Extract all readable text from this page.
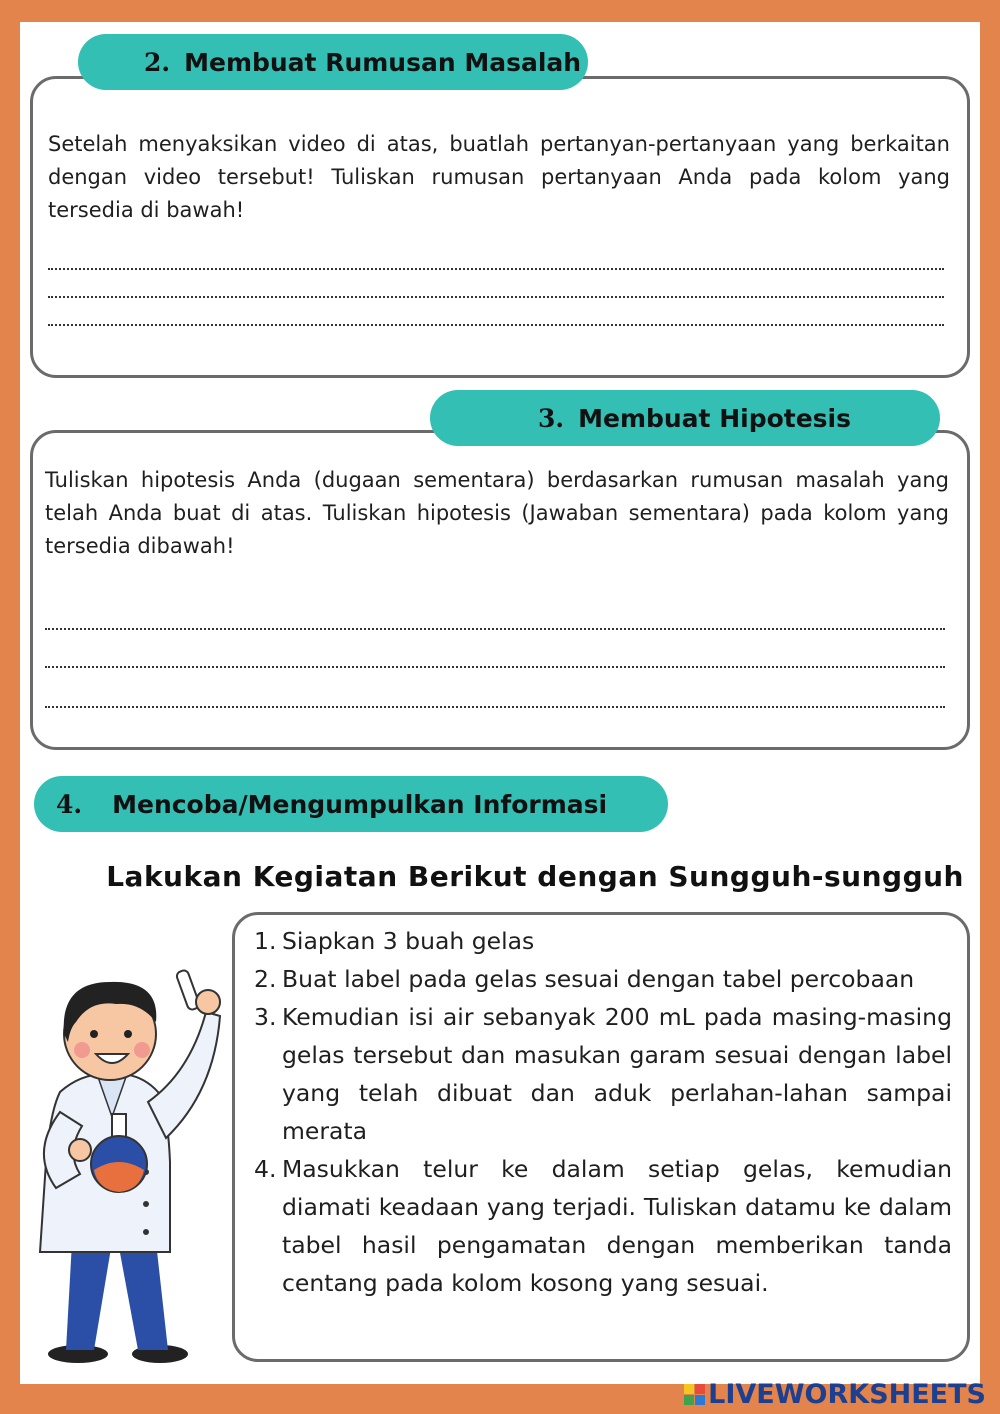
2. Membuat Rumusan Masalah

Setelah menyaksikan video di atas, buatlah pertanyan-pertanyaan yang berkaitan dengan video tersebut! Tuliskan rumusan pertanyaan Anda pada kolom yang tersedia di bawah!

3. Membuat Hipotesis

Tuliskan hipotesis Anda (dugaan sementara) berdasarkan rumusan masalah yang telah Anda buat di atas. Tuliskan hipotesis (Jawaban sementara) pada kolom yang tersedia dibawah!

4. Mencoba/Mengumpulkan Informasi
Lakukan Kegiatan Berikut dengan Sungguh-sungguh
1. Siapkan 3 buah gelas
2. Buat label pada gelas sesuai dengan tabel percobaan
3. Kemudian isi air sebanyak 200 mL pada masing-masing gelas tersebut dan masukan garam sesuai dengan label yang telah dibuat dan aduk perlahan-lahan sampai merata
4. Masukkan telur ke dalam setiap gelas, kemudian diamati keadaan yang terjadi. Tuliskan datamu ke dalam tabel hasil pengamatan dengan memberikan tanda centang pada kolom kosong yang sesuai.
LIVEWORKSHEETS
